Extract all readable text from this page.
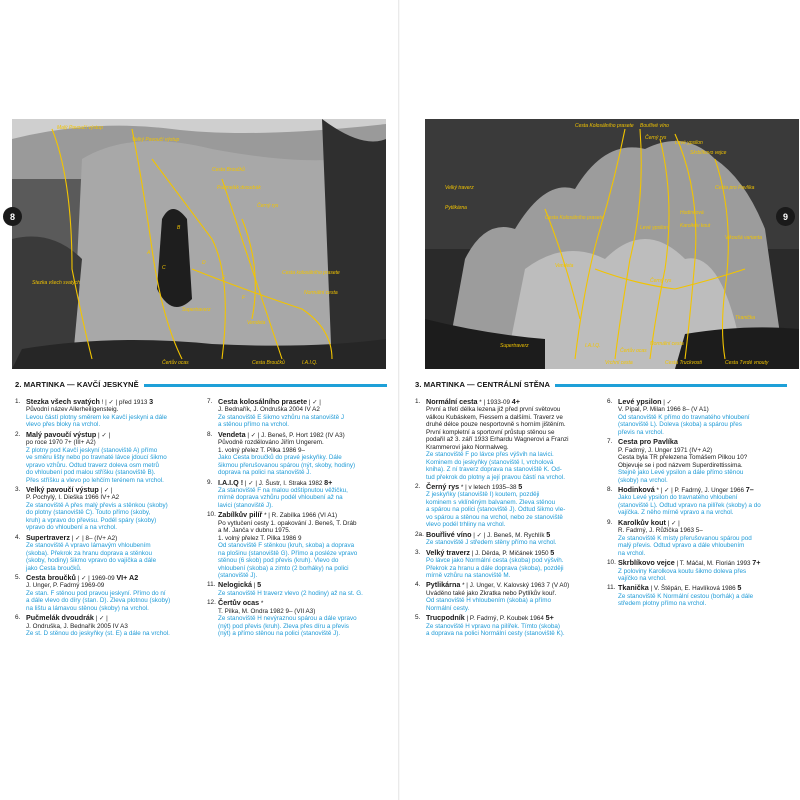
Malý Pavoučí výstup
Velký Pavoučí výstup
Cesta Broučků
Pučmelák dvoudrák
Černý rys
Supertraverz
Cesta kolosálního prasete
Normální cesta
Stezka všech svatých
Vendeta
Čertův ocas	Cesta Broučků	I.A.I.Q.
A
B
C
D
E
F
8
2. MARTINKA — KAVČÍ JESKYNĚ
1. Stezka všech svatých ! | ✓ | před 1913 3
Původní název Allerheiligensteig.
Levou částí plotny směrem ke Kavčí jeskyni a dále
vlevo přes bloky na vrchol.
2. Malý pavoučí výstup | ✓ |
po roce 1970 7+ (III+ A2)
Z plotny pod Kavčí jeskyní (stanoviště A) přímo
ve směru lišty nebo po travnaté lávce jdoucí šikmo
vpravo vzhůru. Odtud traverz doleva osm metrů
do vhloubení pod malou stříšku (stanoviště B).
Přes stříšku a vlevo po lehčím terénem na vrchol.
3. Velký pavoučí výstup | ✓ |
P. Pochylý, I. Dieška 1966 IV+ A2
Ze stanoviště A přes malý převis a stěnkou (skoby)
do plotny (stanoviště C). Touto přímo (skoby,
kruh) a vpravo do převisu. Podél spáry (skoby)
vpravo do vhloubení a na vrchol.
4. Supertraverz | ✓ | 8– (IV+ A2)
Ze stanoviště A vpravo lámavým vhloubením
(skoba). Překrok za hranu doprava a stěnkou
(skoby, hodiny) šikmo vpravo do vajíčka a dále
jako Cesta broučků.
5. Cesta broučků | ✓ | 1969-09 VI+ A2
J. Unger, P. Fadrný 1969-09
Ze stan. F stěnou pod pravou jeskyní. Přímo do ní
a dále vlevo do díry (stan. D). Zleva plotnou (skoby)
na lištu a lámavou stěnou (skoby) na vrchol.
6. Pučmelák dvoudrák | ✓ |
J. Ondruška, J. Bednařík 2005 IV A3
Ze st. D stěnou do jeskyňky (st. E) a dále na vrchol.
7. Cesta kolosálního prasete | ✓ |
J. Bednařík, J. Ondruška 2004 IV A2
Ze stanoviště E šikmo vzhůru na stanoviště J
a stěnou přímo na vrchol.
8. Vendeta | ✓ | J. Beneš, P. Hort 1982 (IV A3)
Původně rozdělováno Jiřím Ungerem.
1. volný přelez T. Pilka 1986 9–
Jako Cesta broučků do pravé jeskyňky. Dále
šikmou přerušovanou spárou (nýt, skoby, hodiny)
doprava na polici na stanoviště J.
9. I.A.I.Q ! | ✓ | J. Šustr, I. Straka 1982 8+
Za stanoviště F na malou odštípnutou věžičku,
mírně doprava vzhůru podél vhloubení až na
lavici (stanoviště J).
10. Zabílkův pilíř * | R. Zabílka 1966 (VI A1)
Po vytlučení cesty 1. opakování J. Beneš, T. Dráb
a M. Janča v dubnu 1975.
1. volný přelez T. Pilka 1986 9
Od stanoviště F stěnkou (kruh, skoba) a doprava
na plošinu (stanoviště G). Přímo a posléze vpravo
stěnou (6 skob) pod převis (kruh). Vlevo do
vhloubení (skoba) a zimto (2 borháky) na polici
(stanoviště J).
11. Nelogická | 5
Ze stanoviště H traverz vlevo (2 hodiny) až na st. G.
12. Čertův ocas *
T. Pilka, M. Ondra 1982 9– (VII A3)
Ze stanoviště H nevýraznou spárou a dále vpravo
(nýt) pod převis (kruh). Zleva přes díru a převis
(nýt) a přímo stěnou na polici (stanoviště J).
Cesta Kolosálního prasete Bouřlivé víno
Černý rys
Levé ypsilon
Skrblíkovo vejce
Cesta pro Pavlíka
Cesta Kolosálního prasete
Hodinková
Karolkův kout
Levé ypsilon
Velký traverz
Vendeta
Pytlikárna
Černý rys
Supertraverz	I.A.I.Q.
Čertův ocas
Normální cesta
Cesta Truckvosti
Vrchní cesta	Cesta Tvrdé vnouty
Tkanička
Vikoušá varianta
9
3. MARTINKA — CENTRÁLNÍ STĚNA
1. Normální cesta * | 1933-09 4+
První a třetí délka lezena již před první světovou
válkou Kubáskem, Fiessem a dalšími. Traverz ve
druhé délce pouze nesportovně s horním jištěním.
První kompletní a sportovní průstup stěnou se
podařil až 3. září 1933 Erhardu Wagnerovi a Franzi
Krammerovi jako Normalweg.
Ze stanoviště F po lávce přes výšvih na lavici.
Kominem do jeskyňky (stanoviště I, vrcholová
kniha). Z ní traverz doprava na stanoviště K. Od-
tud překrok do plotny a její pravou částí na vrchol.
2. Černý rys * | v letech 1935–38 5
Z jeskyňky (stanoviště I) koutem, později
kominem s vklíněným balvanem. Zleva stěnou
a spárou na polici (stanoviště J). Odtud šikmo vle-
vo spárou a stěnou na vrchol, nebo ze stanoviště
vlevo podél trhliny na vrchol.
2a. Bouřlivé víno | ✓ | J. Beneš, M. Rychlík 5
Ze stanoviště J středem stěny přímo na vrchol.
3. Velký traverz | J. Děrda, P. Mičánek 1950 5
Po lávce jako Normální cesta (skoba) pod výšvih.
Překrok za hranu a dále doprava (skoba), později
mírně vzhůru na stanoviště M.
4. Pytlikárna * | J. Unger, V. Kalovský 1963 7 (V A0)
Uváděno také jako Zkratka nebo Pytlíkův kouř.
Od stanoviště H vhloubením (skoba) a přímo
Normální cesty.
5. Trucpodník | P. Fadrný, P. Koubek 1964 5+
Ze stanoviště H vpravo na pilířek. Tímto (skoba)
a doprava na polici Normální cesty (stanoviště K).
6. Levé ypsilon | ✓
V. Pípal, P. Milan 1966 8– (V A1)
Od stanoviště K přímo do travnatého vhloubení
(stanoviště L). Doleva (skoba) a spárou přes
převis na vrchol.
7. Cesta pro Pavlíka
P. Fadrný, J. Unger 1971 (IV+ A2)
Cesta byla TR přelezena Tomášem Pilkou 10?
Objevuje se i pod názvem Superdirettissima.
Stejně jako Levé ypsilon a dále přímo stěnou
(skoby) na vrchol.
8. Hodinková * | ✓ | P. Fadrný, J. Unger 1966 7–
Jako Levé ypsilon do travnatého vhloubení
(stanoviště L). Odtud vpravo na pilířek (skoby) a do
vajíčka. Z něho mírně vpravo a na vrchol.
9. Karolkův kout | ✓ |
R. Fadrný, J. Růžička 1963 5–
Ze stanoviště K místy přerušovanou spárou pod
malý převis. Odtud vpravo a dále vhloubením
na vrchol.
10. Skrblíkovo vejce | T. Máčal, M. Florián 1993 7+
Z poloviny Karolkova koutu šikmo doleva přes
vajíčko na vrchol.
11. Tkanička | V. Štěpán, E. Havlíková 1986 5
Ze stanoviště K Normální cestou (borhák) a dále
středem plotny přímo na vrchol.
